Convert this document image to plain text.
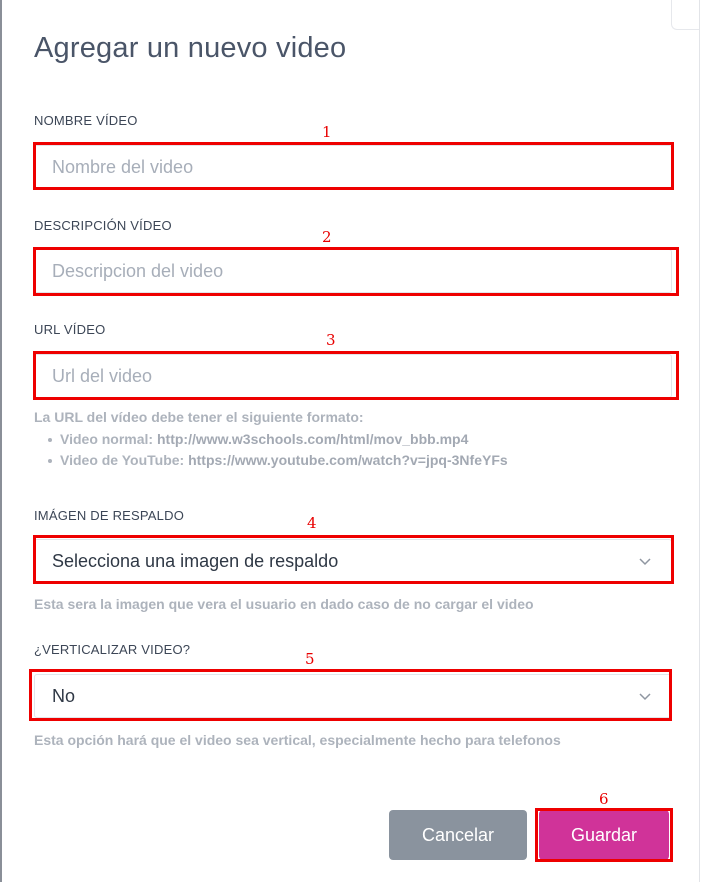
Agregar un nuevo video
NOMBRE VÍDEO
Nombre del video
DESCRIPCIÓN VÍDEO
Descripcion del video
URL VÍDEO
Url del video
La URL del vídeo debe tener el siguiente formato:
Video normal: http://www.w3schools.com/html/mov_bbb.mp4
Video de YouTube: https://www.youtube.com/watch?v=jpq-3NfeYFs
IMÁGEN DE RESPALDO
Selecciona una imagen de respaldo
Esta sera la imagen que vera el usuario en dado caso de no cargar el video
¿VERTICALIZAR VIDEO?
No
Esta opción hará que el video sea vertical, especialmente hecho para telefonos
Cancelar	Guardar
1
2
3
4
5
6
